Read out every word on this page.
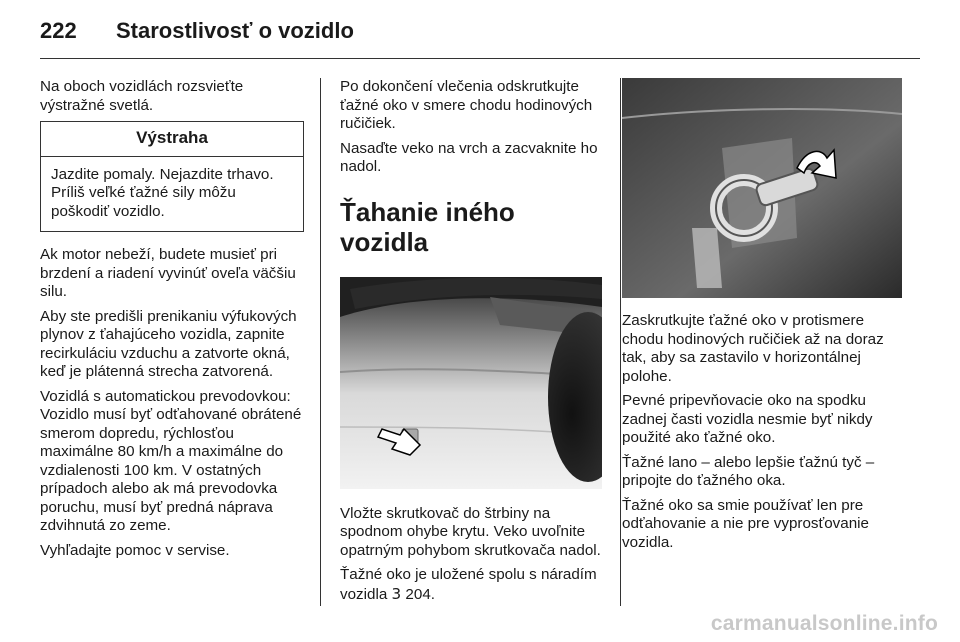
222	Starostlivosť o vozidlo

Na oboch vozidlách rozsvieťte výstražné svetlá.

Výstraha
Jazdite pomaly. Nejazdite trhavo. Príliš veľké ťažné sily môžu poškodiť vozidlo.

Ak motor nebeží, budete musieť pri brzdení a riadení vyvinúť oveľa väčšiu silu.

Aby ste predišli prenikaniu výfukových plynov z ťahajúceho vozidla, zapnite recirkuláciu vzduchu a zatvorte okná, keď je plátenná strecha zatvorená.

Vozidlá s automatickou prevodovkou: Vozidlo musí byť odťahované obrátené smerom dopredu, rýchlosťou maximálne 80 km/h a maximálne do vzdialenosti 100 km. V ostatných prípadoch alebo ak má prevodovka poruchu, musí byť predná náprava zdvihnutá zo zeme.

Vyhľadajte pomoc v servise.

Po dokončení vlečenia odskrutkujte ťažné oko v smere chodu hodinových ručičiek.

Nasaďte veko na vrch a zacvaknite ho nadol.

Ťahanie iného vozidla

Vložte skrutkovač do štrbiny na spodnom ohybe krytu. Veko uvoľnite opatrným pohybom skrutkovača nadol.

Ťažné oko je uložené spolu s náradím vozidla 3 204.

Zaskrutkujte ťažné oko v protismere chodu hodinových ručičiek až na doraz tak, aby sa zastavilo v horizontálnej polohe.

Pevné pripevňovacie oko na spodku zadnej časti vozidla nesmie byť nikdy použité ako ťažné oko.

Ťažné lano – alebo lepšie ťažnú tyč – pripojte do ťažného oka.

Ťažné oko sa smie používať len pre odťahovanie a nie pre vyprosťovanie vozidla.

carmanualsonline.info
